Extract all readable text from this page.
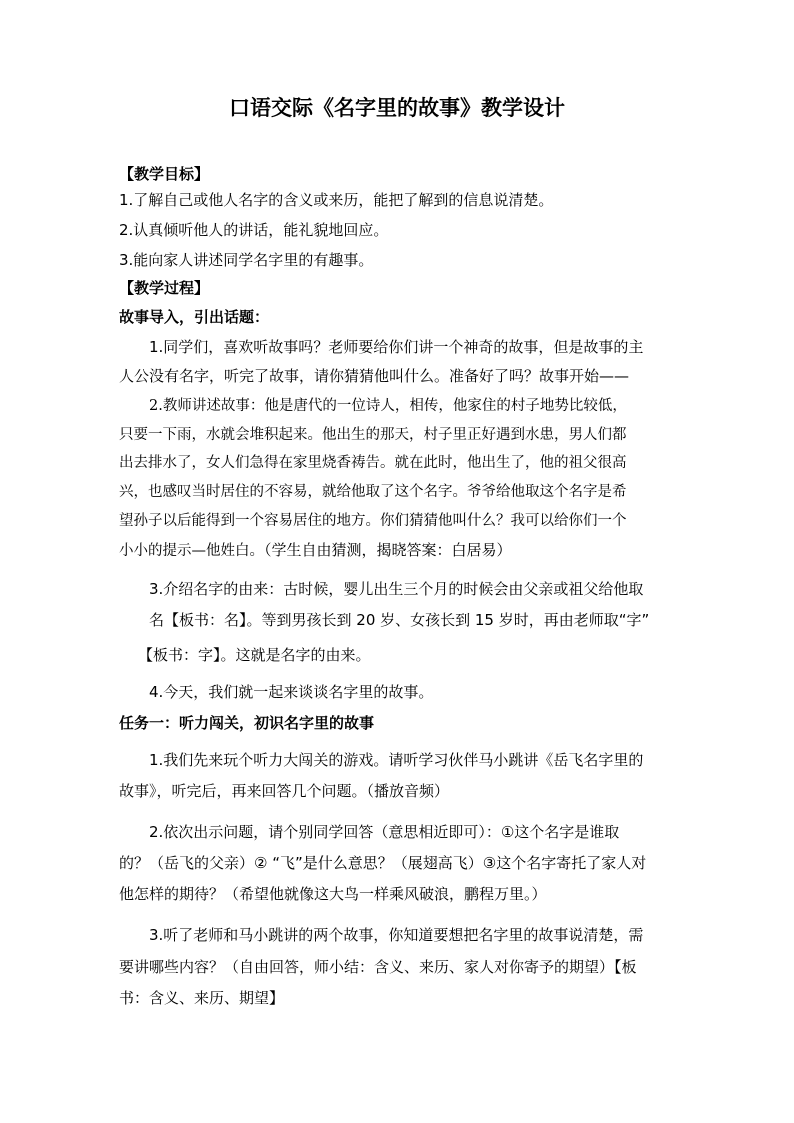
口语交际《名字里的故事》教学设计
【教学目标】
1.了解自己或他人名字的含义或来历，能把了解到的信息说清楚。
2.认真倾听他人的讲话，能礼貌地回应。
3.能向家人讲述同学名字里的有趣事。
【教学过程】
故事导入，引出话题：
1.同学们，喜欢听故事吗？老师要给你们讲一个神奇的故事，但是故事的主
人公没有名字，听完了故事，请你猜猜他叫什么。准备好了吗？故事开始——
2.教师讲述故事：他是唐代的一位诗人，相传，他家住的村子地势比较低，
只要一下雨，水就会堆积起来。他出生的那天，村子里正好遇到水患，男人们都
出去排水了，女人们急得在家里烧香祷告。就在此时，他出生了，他的祖父很高
兴，也感叹当时居住的不容易，就给他取了这个名字。爷爷给他取这个名字是希
望孙子以后能得到一个容易居住的地方。你们猜猜他叫什么？我可以给你们一个
小小的提示—他姓白。（学生自由猜测，揭晓答案：白居易）
3.介绍名字的由来：古时候，婴儿出生三个月的时候会由父亲或祖父给他取
名【板书：名】。等到男孩长到 20 岁、女孩长到 15 岁时，再由老师取“字”
【板书：字】。这就是名字的由来。
4.今天，我们就一起来谈谈名字里的故事。
任务一：听力闯关，初识名字里的故事
1.我们先来玩个听力大闯关的游戏。请听学习伙伴马小跳讲《岳飞名字里的
故事》，听完后，再来回答几个问题。（播放音频）
2.依次出示问题，请个别同学回答（意思相近即可）：①这个名字是谁取
的？（岳飞的父亲）② “飞”是什么意思？（展翅高飞）③这个名字寄托了家人对
他怎样的期待？（希望他就像这大鸟一样乘风破浪，鹏程万里。）
3.听了老师和马小跳讲的两个故事，你知道要想把名字里的故事说清楚，需
要讲哪些内容？（自由回答，师小结：含义、来历、家人对你寄予的期望）【板
书：含义、来历、期望】
